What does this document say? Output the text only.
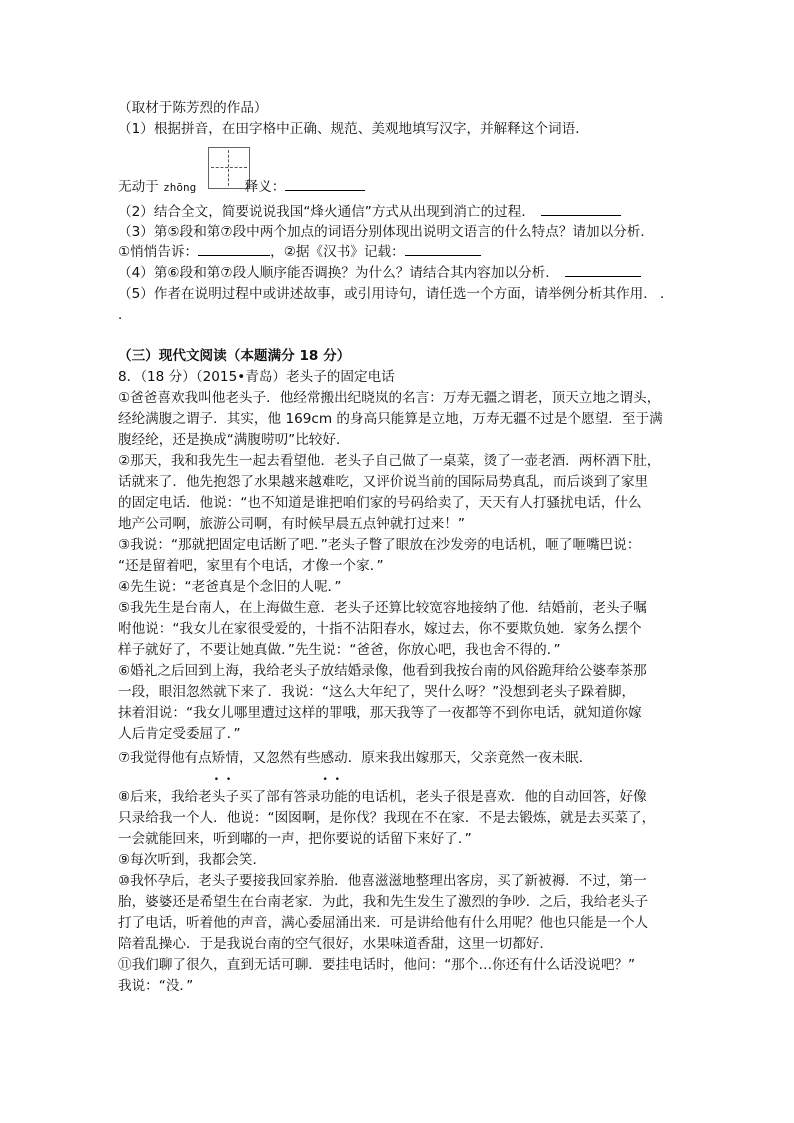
（取材于陈芳烈的作品）
（1）根据拼音，在田字格中正确、规范、美观地填写汉字，并解释这个词语．
无动于 zhōng	释义：
（2）结合全文，简要说说我国“烽火通信”方式从出现到消亡的过程．
（3）第⑤段和第⑦段中两个加点的词语分别体现出说明文语言的什么特点？请加以分析．
①悄悄告诉：	，②据《汉书》记载：
（4）第⑥段和第⑦段人顺序能否调换？为什么？请结合其内容加以分析．
（5）作者在说明过程中或讲述故事，或引用诗句，请任选一个方面，请举例分析其作用． ．
．
（三）现代文阅读（本题满分 18 分）
8．（18 分）（2015•青岛）老头子的固定电话
①爸爸喜欢我叫他老头子．他经常搬出纪晓岚的名言：万寿无疆之谓老，顶天立地之谓头，
经纶满腹之谓子．其实，他 169cm 的身高只能算是立地，万寿无疆不过是个愿望．至于满
腹经纶，还是换成“满腹唠叨”比较好．
②那天，我和我先生一起去看望他．老头子自己做了一桌菜，烫了一壶老酒．两杯酒下肚，
话就来了．他先抱怨了水果越来越难吃，又评价说当前的国际局势真乱，而后谈到了家里
的固定电话．他说：“也不知道是谁把咱们家的号码给卖了，天天有人打骚扰电话，什么
地产公司啊，旅游公司啊，有时候早晨五点钟就打过来！”
③我说：“那就把固定电话断了吧．”老头子瞥了眼放在沙发旁的电话机，咂了咂嘴巴说：
“还是留着吧，家里有个电话，才像一个家．”
④先生说：“老爸真是个念旧的人呢．”
⑤我先生是台南人，在上海做生意．老头子还算比较宽容地接纳了他．结婚前，老头子嘱
咐他说：“我女儿在家很受爱的，十指不沾阳春水，嫁过去，你不要欺负她．家务么摆个
样子就好了，不要让她真做．”先生说：“爸爸，你放心吧，我也舍不得的．”
⑥婚礼之后回到上海，我给老头子放结婚录像，他看到我按台南的风俗跪拜给公婆奉茶那
一段，眼泪忽然就下来了．我说：“这么大年纪了，哭什么呀？”没想到老头子跺着脚，
抹着泪说：“我女儿哪里遭过这样的罪哦，那天我等了一夜都等不到你电话，就知道你嫁
人后肯定受委屈了．”
⑦我觉得他有点矫情 • •，又忽然有些感动 • •．原来我出嫁那天，父亲竟然一夜未眠．
⑧后来，我给老头子买了部有答录功能的电话机，老头子很是喜欢．他的自动回答，好像
只录给我一个人．他说：“囡囡啊，是你伐？我现在不在家．不是去锻炼，就是去买菜了，
一会就能回来，听到嘟的一声，把你要说的话留下来好了．”
⑨每次听到，我都会笑．
⑩我怀孕后，老头子要接我回家养胎．他喜滋滋地整理出客房，买了新被褥．不过，第一
胎，婆婆还是希望生在台南老家．为此，我和先生发生了激烈的争吵．之后，我给老头子
打了电话，听着他的声音，满心委屈涌出来．可是讲给他有什么用呢？他也只能是一个人
陪着乱操心．于是我说台南的空气很好，水果味道香甜，这里一切都好．
⑪我们聊了很久，直到无话可聊．要挂电话时，他问：“那个…你还有什么话没说吧？”
我说：“没．”
